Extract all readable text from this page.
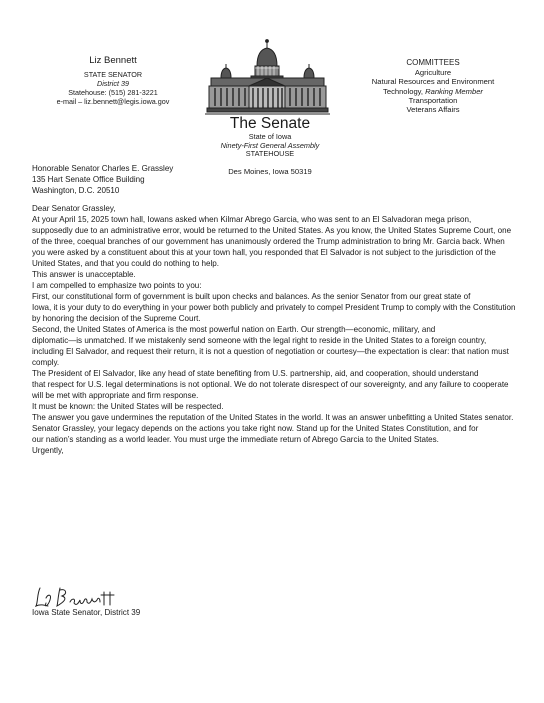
Liz Bennett
STATE SENATOR
District 39
Statehouse: (515) 281-3221
e-mail – liz.bennett@legis.iowa.gov
COMMITTEES
Agriculture
Natural Resources and Environment
Technology, Ranking Member
Transportation
Veterans Affairs
The Senate
State of Iowa
Ninety-First General Assembly
STATEHOUSE
Des Moines, Iowa 50319
Honorable Senator Charles E. Grassley
135 Hart Senate Office Building
Washington, D.C. 20510

Dear Senator Grassley,

At your April 15, 2025 town hall, Iowans asked when Kilmar Abrego Garcia, who was sent to an El Salvadoran mega prison,

supposedly due to an administrative error, would be returned to the United States. As you know, the United States Supreme Court, one of the three, coequal branches of our government has unanimously ordered the Trump administration to bring Mr. Garcia back. When you were asked by a constituent about this at your town hall, you responded that El Salvador is not subject to the jurisdiction of the United States, and that you could do nothing to help.

This answer is unacceptable.

I am compelled to emphasize two points to you:

First, our constitutional form of government is built upon checks and balances. As the senior Senator from our great state of

Iowa, it is your duty to do everything in your power both publicly and privately to compel President Trump to comply with the Constitution by honoring the decision of the Supreme Court.

Second, the United States of America is the most powerful nation on Earth. Our strength—economic, military, and

diplomatic—is unmatched. If we mistakenly send someone with the legal right to reside in the United States to a foreign country, including El Salvador, and request their return, it is not a question of negotiation or courtesy—the expectation is clear: that nation must comply.

The President of El Salvador, like any head of state benefiting from U.S. partnership, aid, and cooperation, should understand

that respect for U.S. legal determinations is not optional. We do not tolerate disrespect of our sovereignty, and any failure to cooperate will be met with appropriate and firm response.

It must be known: the United States will be respected.

The answer you gave undermines the reputation of the United States in the world. It was an answer unbefitting a United States senator.

Senator Grassley, your legacy depends on the actions you take right now. Stand up for the United States Constitution, and for

our nation’s standing as a world leader. You must urge the immediate return of Abrego Garcia to the United States.

Urgently,

Iowa State Senator, District 39
